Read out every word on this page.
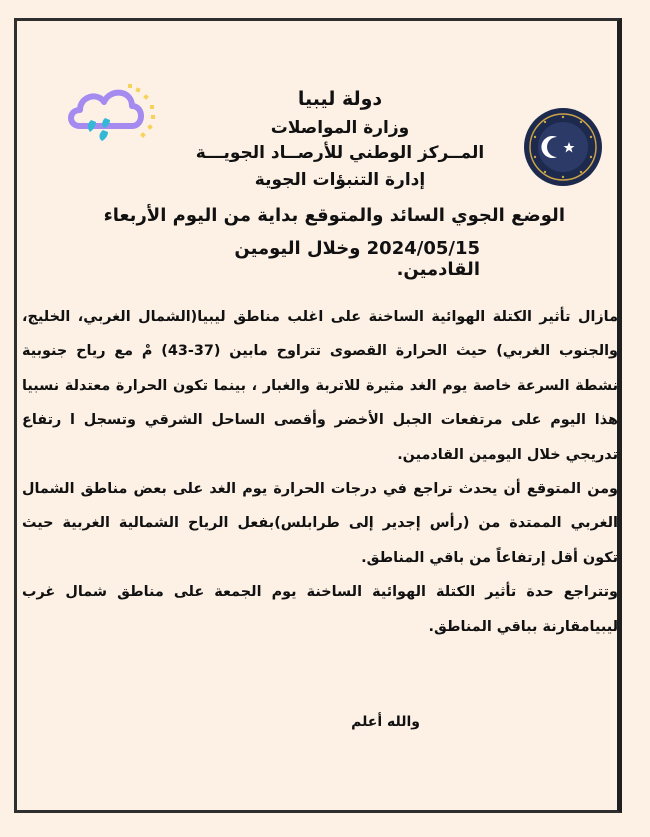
دولة ليبيا
وزارة المواصلات
المــركز الوطني للأرصــاد الجويـــة
إدارة التنبؤات الجوية
الوضع الجوي السائد والمتوقع بداية من اليوم الأربعاء
2024/05/15 وخلال اليومين القادمين.

مازال تأثير الكتلة الهوائية الساخنة على اغلب مناطق ليبيا(الشمال الغربي، الخليج، والجنوب الغربي) حيث الحرارة القصوى تتراوح مابين (37-43) مْ مع رياح جنوبية نشطة السرعة خاصة يوم الغد مثيرة للاتربة والغبار ، بينما تكون الحرارة معتدلة نسبيا هذا اليوم على مرتفعات الجبل الأخضر وأقصى الساحل الشرقي وتسجل ا رتفاع تدريجي خلال اليومين القادمين.

ومن المتوقع أن يحدث تراجع في درجات الحرارة يوم الغد على بعض مناطق الشمال الغربي الممتدة من (رأس إجدير إلى طرابلس)بفعل الرياح الشمالية الغربية حيث تكون أقل إرتفاعاً من باقي المناطق.

وتتراجع حدة تأثير الكتلة الهوائية الساخنة يوم الجمعة على مناطق شمال غرب ليبيامقارنة بباقي المناطق.

والله أعلم
